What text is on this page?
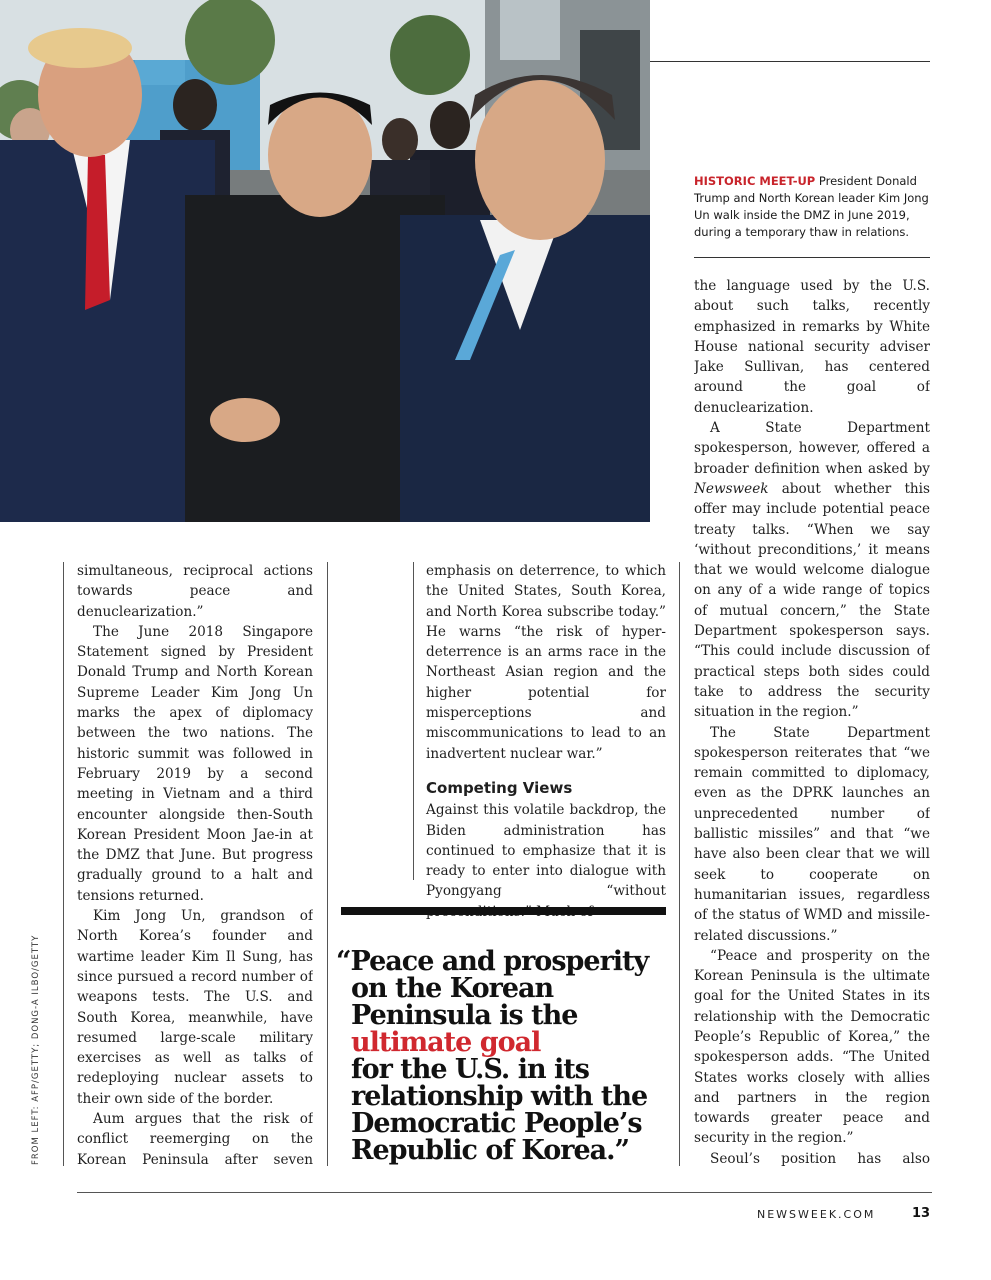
HISTORIC MEET-UP President Donald Trump and North Korean leader Kim Jong Un walk inside the DMZ in June 2019, during a temporary thaw in relations.

simultaneous, reciprocal actions towards peace and denuclearization.”

The June 2018 Singapore Statement signed by President Donald Trump and North Korean Supreme Leader Kim Jong Un marks the apex of diplomacy between the two nations. The historic summit was followed in February 2019 by a second meeting in Vietnam and a third encounter alongside then-South Korean President Moon Jae-in at the DMZ that June. But progress gradually ground to a halt and tensions returned.

Kim Jong Un, grandson of North Korea’s founder and wartime leader Kim Il Sung, has since pursued a record number of weapons tests. The U.S. and South Korea, meanwhile, have resumed large-scale military exercises as well as talks of redeploying nuclear assets to their own side of the border.

Aum argues that the risk of conflict reemerging on the Korean Peninsula after seven

emphasis on deterrence, to which the United States, South Korea, and North Korea subscribe today.” He warns “the risk of hyper-deterrence is an arms race in the Northeast Asian region and the higher potential for misperceptions and miscommunications to lead to an inadvertent nuclear war.”

Competing Views

Against this volatile backdrop, the Biden administration has continued to emphasize that it is ready to enter into dialogue with Pyongyang “without

“Peace and prosperity
on the Korean
Peninsula is the
ultimate goal
for the U.S. in its
relationship with the
Democratic People’s
Republic of Korea.”

the language used by the U.S. about such talks, recently emphasized in remarks by White House national security adviser Jake Sullivan, has centered around the goal of denuclearization.

A State Department spokesperson, however, offered a broader definition when asked by Newsweek about whether this offer may include potential peace treaty talks. “When we say ‘without preconditions,’ it means that we would welcome dialogue on any of a wide range of topics of mutual concern,” the State Department spokesperson says. “This could include discussion of practical steps both sides could take to address the security situation in the region.”

The State Department spokesperson reiterates that “we remain committed to diplomacy, even as the DPRK launches an unprecedented number of ballistic missiles” and that “we have also been clear that we will seek to cooperate on humanitarian issues, regardless of the status of WMD and missile-related discussions.”

“Peace and prosperity on the Korean Peninsula is the ultimate goal for the United States in its relationship with the Democratic People’s Republic of Korea,” the spokesperson adds. “The United States works closely with allies and partners in the region towards greater peace and security in the region.”

Seoul’s position has also

FROM LEFT: AFP/GETTY; DONG-A ILBO/GETTY
NEWSWEEK.COM	13
